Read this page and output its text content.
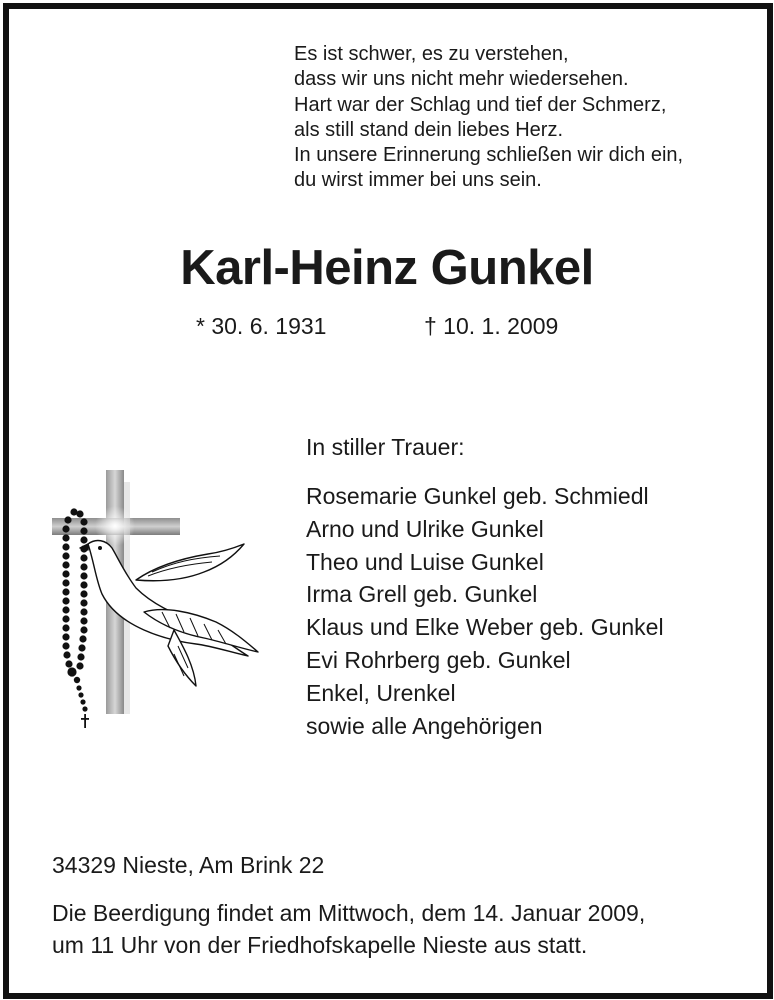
Es ist schwer, es zu verstehen,
dass wir uns nicht mehr wiedersehen.
Hart war der Schlag und tief der Schmerz,
als still stand dein liebes Herz.
In unsere Erinnerung schließen wir dich ein,
du wirst immer bei uns sein.
Karl-Heinz Gunkel
* 30. 6. 1931	† 10. 1. 2009
In stiller Trauer:
Rosemarie Gunkel geb. Schmiedl
Arno und Ulrike Gunkel
Theo und Luise Gunkel
Irma Grell geb. Gunkel
Klaus und Elke Weber geb. Gunkel
Evi Rohrberg geb. Gunkel
Enkel, Urenkel
sowie alle Angehörigen
34329 Nieste, Am Brink 22
Die Beerdigung findet am Mittwoch, dem 14. Januar 2009,
um 11 Uhr von der Friedhofskapelle Nieste aus statt.
